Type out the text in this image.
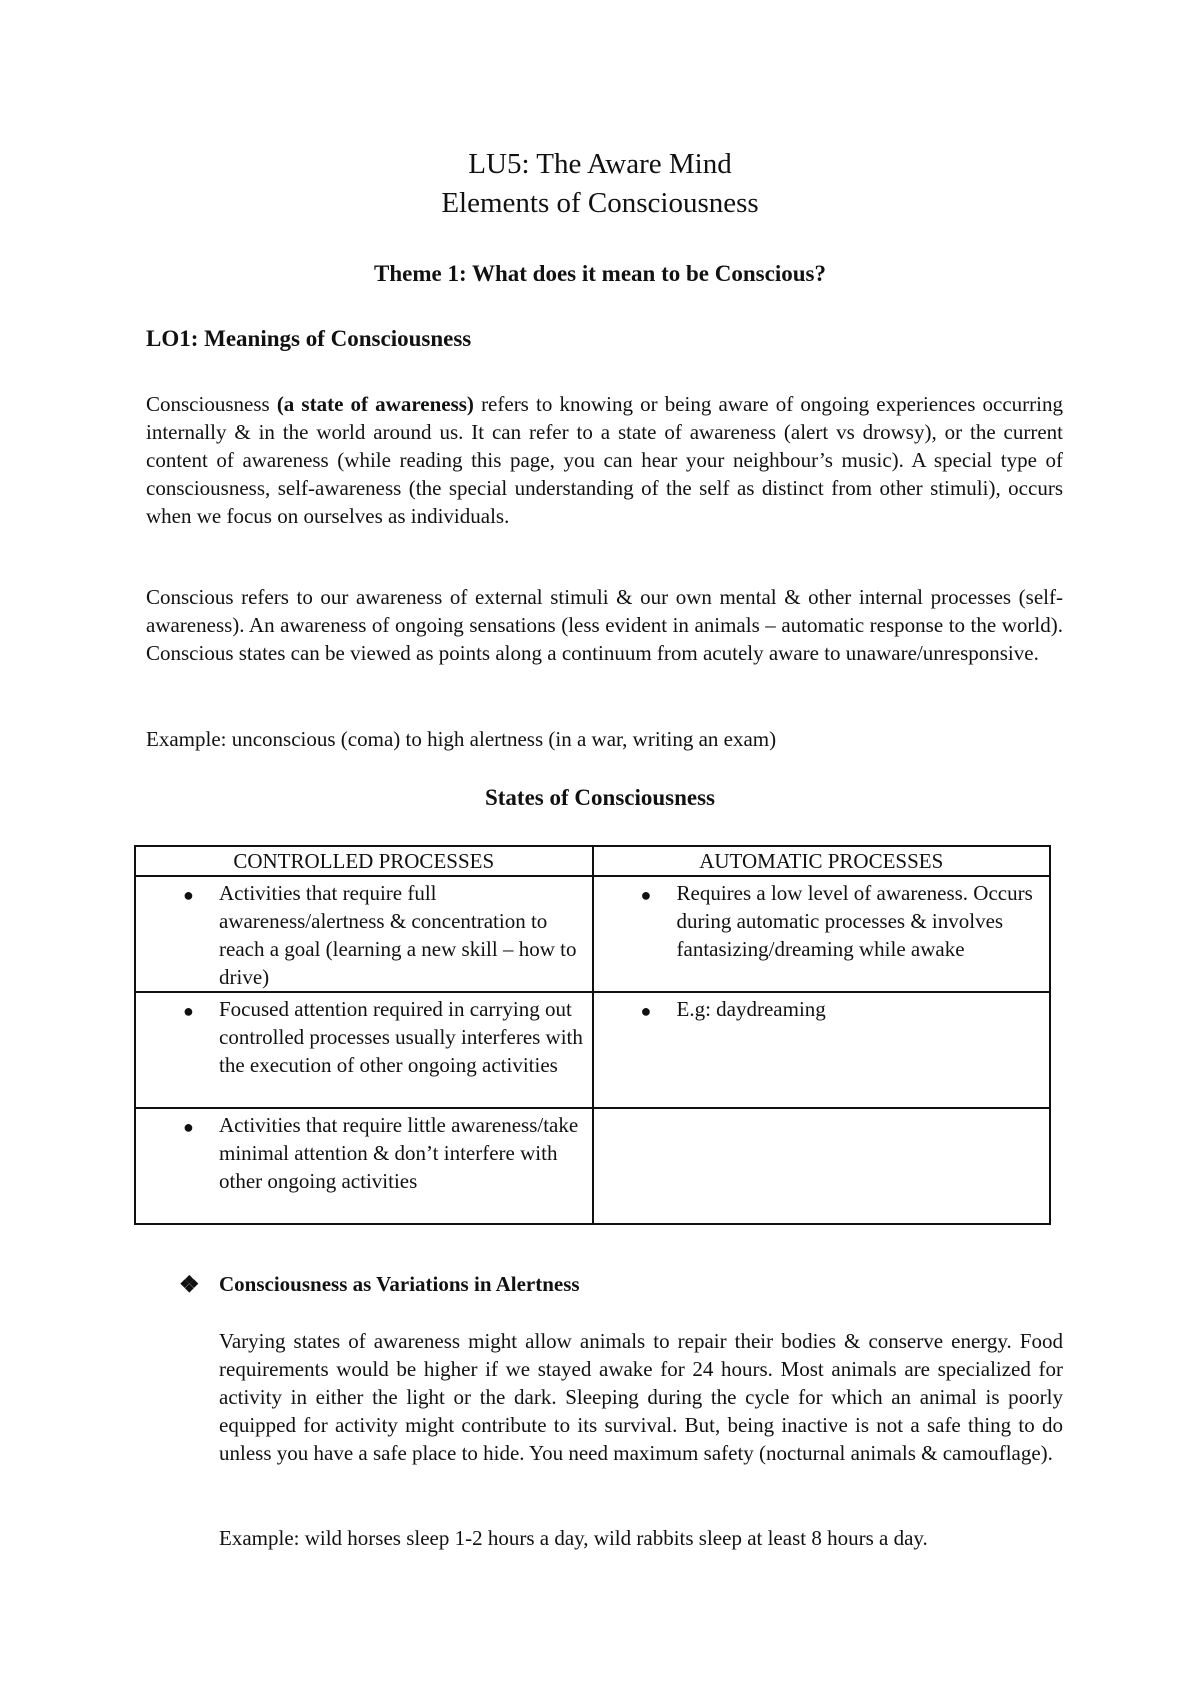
LU5: The Aware Mind
Elements of Consciousness
Theme 1: What does it mean to be Conscious?
LO1: Meanings of Consciousness
Consciousness (a state of awareness) refers to knowing or being aware of ongoing experiences occurring internally & in the world around us. It can refer to a state of awareness (alert vs drowsy), or the current content of awareness (while reading this page, you can hear your neighbour’s music). A special type of consciousness, self-awareness (the special understanding of the self as distinct from other stimuli), occurs when we focus on ourselves as individuals.
Conscious refers to our awareness of external stimuli & our own mental & other internal processes (self-awareness). An awareness of ongoing sensations (less evident in animals – automatic response to the world). Conscious states can be viewed as points along a continuum from acutely aware to unaware/unresponsive.
Example: unconscious (coma) to high alertness (in a war, writing an exam)
States of Consciousness
CONTROLLED PROCESSES	AUTOMATIC PROCESSES

● Activities that require full awareness/alertness & concentration to reach a goal (learning a new skill – how to drive)	● Requires a low level of awareness. Occurs during automatic processes & involves fantasizing/dreaming while awake

● Focused attention required in carrying out controlled processes usually interferes with the execution of other ongoing activities	● E.g: daydreaming

● Activities that require little awareness/take minimal attention & don’t interfere with other ongoing activities	

❖ Consciousness as Variations in Alertness
Varying states of awareness might allow animals to repair their bodies & conserve energy. Food requirements would be higher if we stayed awake for 24 hours. Most animals are specialized for activity in either the light or the dark. Sleeping during the cycle for which an animal is poorly equipped for activity might contribute to its survival. But, being inactive is not a safe thing to do unless you have a safe place to hide. You need maximum safety (nocturnal animals & camouflage).
Example: wild horses sleep 1-2 hours a day, wild rabbits sleep at least 8 hours a day.
